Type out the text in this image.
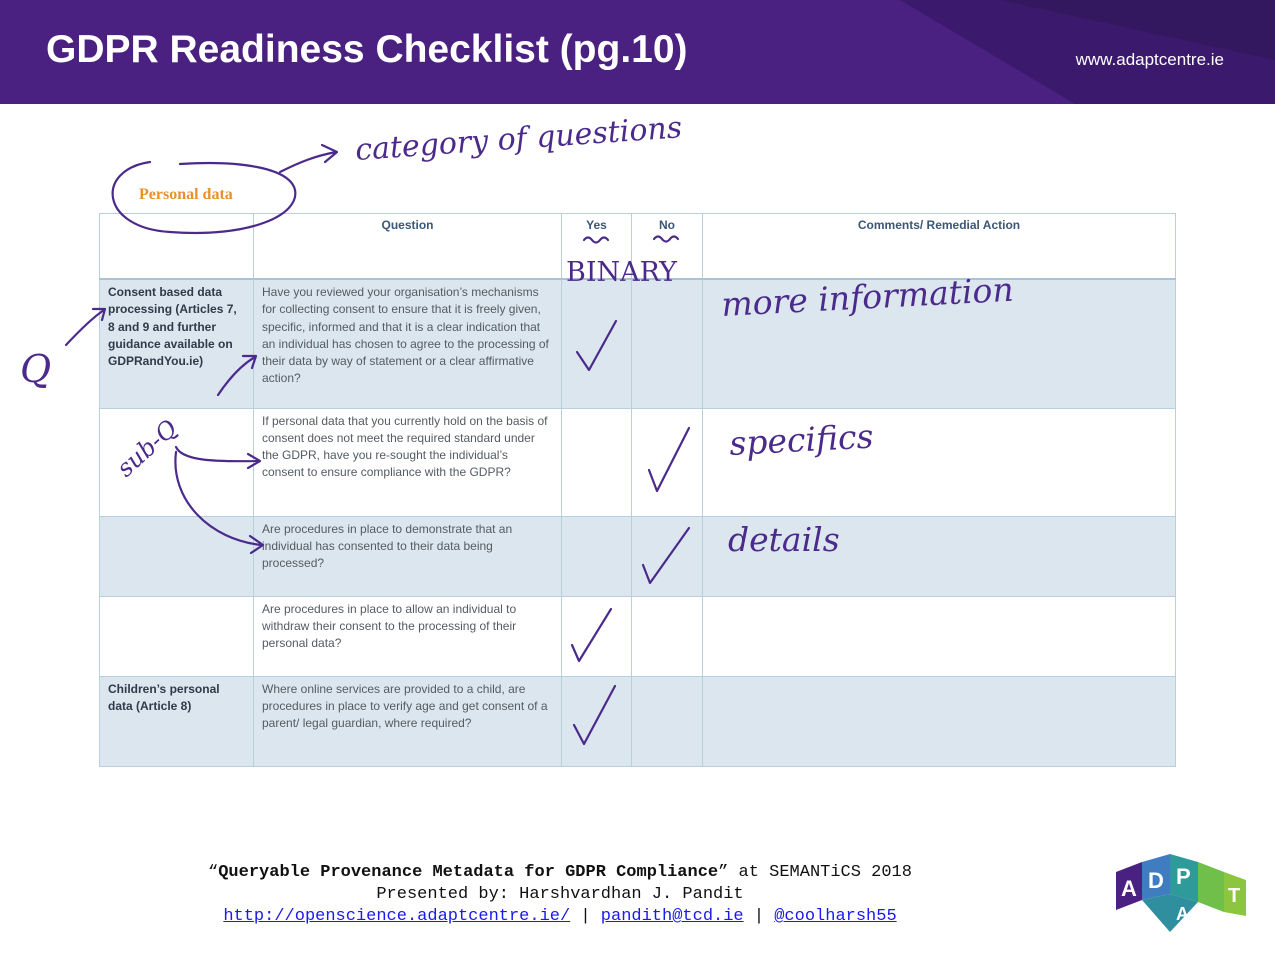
GDPR Readiness Checklist (pg.10)	www.adaptcentre.ie
Personal data
	Question	Yes	No	Comments/ Remedial Action
Consent based data processing (Articles 7, 8 and 9 and further guidance available on GDPRandYou.ie)	Have you reviewed your organisation’s mechanisms for collecting consent to ensure that it is freely given, specific, informed and that it is a clear indication that an individual has chosen to agree to the processing of their data by way of statement or a clear affirmative action?			
	If personal data that you currently hold on the basis of consent does not meet the required standard under the GDPR, have you re-sought the individual’s consent to ensure compliance with the GDPR?			
	Are procedures in place to demonstrate that an individual has consented to their data being processed?			
	Are procedures in place to allow an individual to withdraw their consent to the processing of their personal data?			
Children’s personal data (Article 8)	Where online services are provided to a child, are procedures in place to verify age and get consent of a parent/ legal guardian, where required?			
category of questions
BINARY more information
specifics
details
Q
sub-Q
“Queryable Provenance Metadata for GDPR Compliance” at SEMANTiCS 2018
Presented by: Harshvardhan J. Pandit
http://openscience.adaptcentre.ie/ | pandith@tcd.ie | @coolharsh55
A D P
T
A
